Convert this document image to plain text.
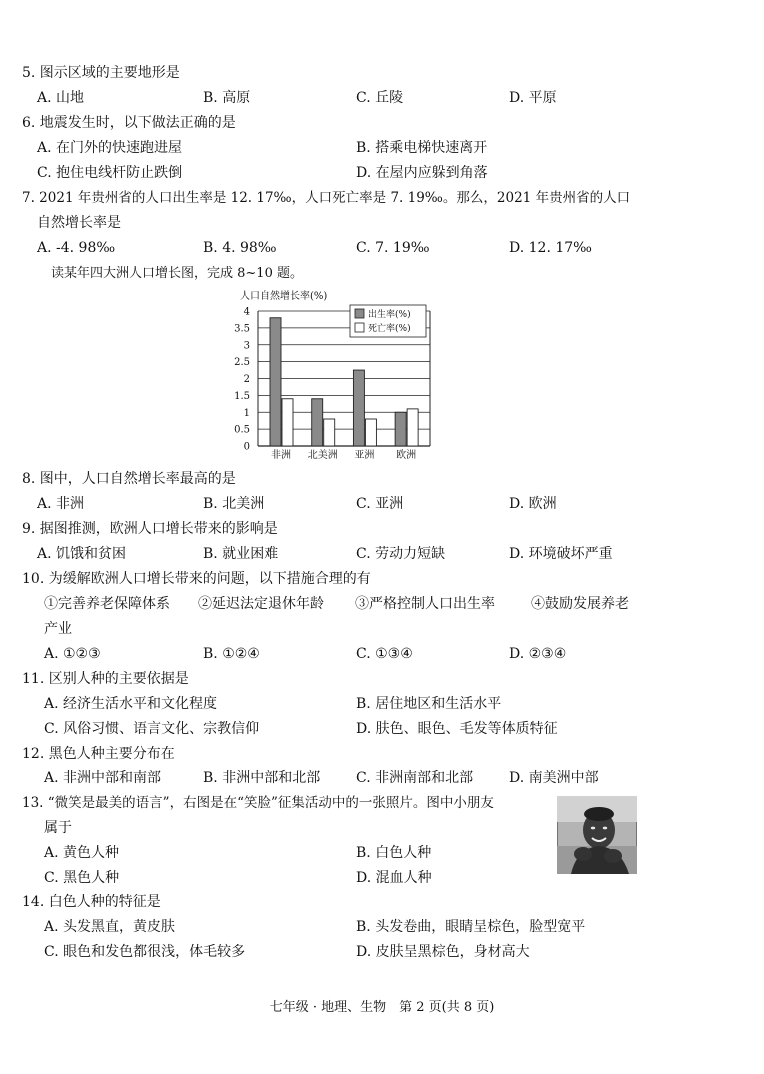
5. 图示区域的主要地形是
A. 山地	B. 高原	C. 丘陵	D. 平原
6. 地震发生时，以下做法正确的是
A. 在门外的快速跑进屋	B. 搭乘电梯快速离开
C. 抱住电线杆防止跌倒	D. 在屋内应躲到角落
7. 2021 年贵州省的人口出生率是 12. 17‰，人口死亡率是 7. 19‰。那么，2021 年贵州省的人口
自然增长率是
A. -4. 98‰	B. 4. 98‰	C. 7. 19‰	D. 12. 17‰
读某年四大洲人口增长图，完成 8~10 题。
人口自然增长率(%)
0
0.5
1
1.5
2
2.5
3
3.5
4
非洲 北美洲 亚洲 欧洲
出生率(%)
死亡率(%)
8. 图中，人口自然增长率最高的是
A. 非洲	B. 北美洲	C. 亚洲	D. 欧洲
9. 据图推测，欧洲人口增长带来的影响是
A. 饥饿和贫困	B. 就业困难	C. 劳动力短缺	D. 环境破坏严重
10. 为缓解欧洲人口增长带来的问题，以下措施合理的有
①完善养老保障体系 ②延迟法定退休年龄 ③严格控制人口出生率	④鼓励发展养老
产业
A. ①②③	B. ①②④	C. ①③④	D. ②③④
11. 区别人种的主要依据是
A. 经济生活水平和文化程度	B. 居住地区和生活水平
C. 风俗习惯、语言文化、宗教信仰	D. 肤色、眼色、毛发等体质特征
12. 黑色人种主要分布在
A. 非洲中部和南部	B. 非洲中部和北部	C. 非洲南部和北部	D. 南美洲中部
13. “微笑是最美的语言”，右图是在“笑脸”征集活动中的一张照片。图中小朋友
属于
A. 黄色人种	B. 白色人种
C. 黑色人种	D. 混血人种
14. 白色人种的特征是
A. 头发黑直，黄皮肤	B. 头发卷曲，眼睛呈棕色，脸型宽平
C. 眼色和发色都很浅，体毛较多	D. 皮肤呈黑棕色，身材高大
七年级 · 地理、生物　第 2 页(共 8 页)
